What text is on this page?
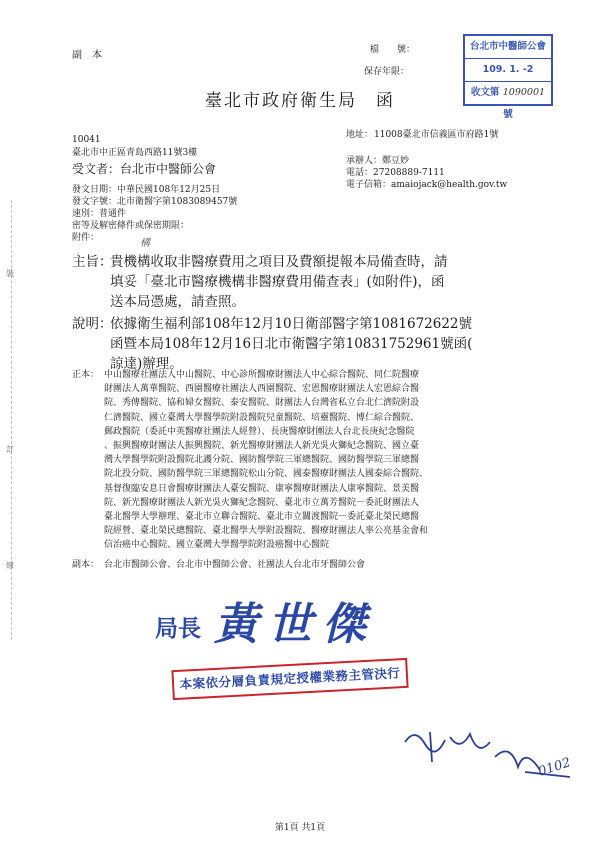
裝
訂
線
副　本	檔　　號：
保存年限：
台北市中醫師公會
109. 1. -2
收文第 1090001 號
臺北市政府衛生局　函
10041
臺北市中正區青島西路11號3樓
受文者：台北市中醫師公會
地址： 11008臺北市信義區市府路1號
承辦人：鄭豆妙
電話：27208889-7111
電子信箱：amaiojack@health.gov.tw
發文日期：中華民國108年12月25日
發文字號：北市衛醫字第1083089457號
速別：普通件
密等及解密條件或保密期限：
附件：	構
主旨：
貴機構收取非醫療費用之項目及費額提報本局備查時，請
填妥「臺北市醫療機構非醫療費用備查表」(如附件)，函
送本局憑處，請查照。
說明：
依據衛生福利部108年12月10日衛部醫字第1081672622號
函暨本局108年12月16日北市衛醫字第10831752961號函(
諒達)辦理。
正本： 中山醫療社團法人中山醫院、中心診所醫療財團法人中心綜合醫院、同仁院醫療
財團法人萬華醫院、西園醫療社團法人西園醫院、宏恩醫療財團法人宏恩綜合醫
院、秀傳醫院、協和婦女醫院、泰安醫院、財團法人台灣省私立台北仁濟院附設
仁濟醫院、國立臺灣大學醫學院附設醫院兒童醫院、培靈醫院、博仁綜合醫院、
郵政醫院（委託中英醫療社團法人經營）、長庚醫療財團法人台北長庚紀念醫院
、振興醫療財團法人振興醫院、新光醫療財團法人新光吳火獅紀念醫院、國立臺
灣大學醫學院附設醫院北護分院、國防醫學院三軍總醫院、國防醫學院三軍總醫
院北投分院、國防醫學院三軍總醫院松山分院、國泰醫療財團法人國泰綜合醫院、
基督復臨安息日會醫療財團法人臺安醫院、康寧醫療財團法人康寧醫院、景美醫
院、新光醫療財團法人新光吳火獅紀念醫院、臺北市立萬芳醫院－委託財團法人
臺北醫學大學辦理、臺北市立聯合醫院、臺北市立關渡醫院－委託臺北榮民總醫
院經營、臺北榮民總醫院、臺北醫學大學附設醫院、醫療財團法人辜公亮基金會和
信治癌中心醫院、國立臺灣大學醫學院附設癌醫中心醫院
副本： 台北市醫師公會、台北市中醫師公會、社團法人台北市牙醫師公會
局長 黃世傑
本案依分層負責規定授權業務主管決行
0102
第1頁 共1頁
